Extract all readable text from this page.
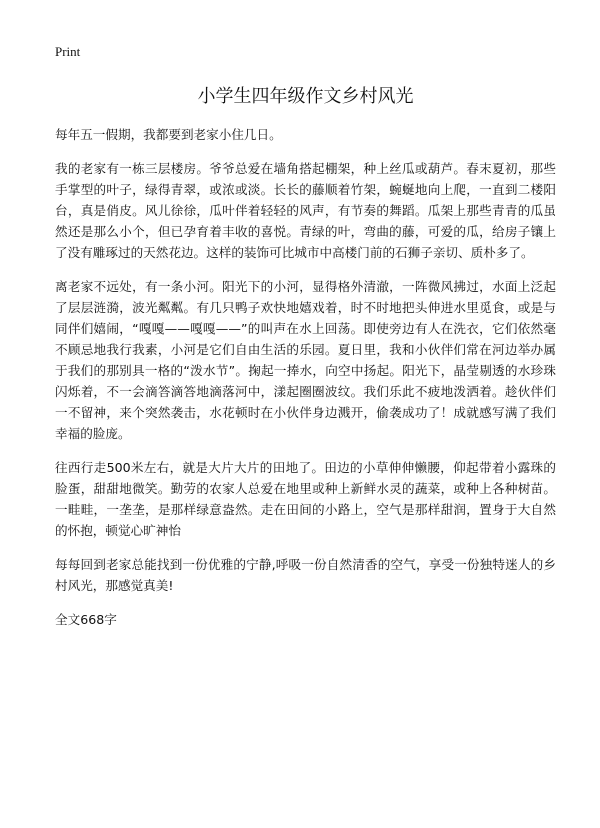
Print
小学生四年级作文乡村风光

每年五一假期，我都要到老家小住几日。

我的老家有一栋三层楼房。爷爷总爱在墙角搭起棚架，种上丝瓜或葫芦。春末夏初，那些手掌型的叶子，绿得青翠，或浓或淡。长长的藤顺着竹架，蜿蜒地向上爬，一直到二楼阳台，真是俏皮。风儿徐徐，瓜叶伴着轻轻的风声，有节奏的舞蹈。瓜架上那些青青的瓜虽然还是那么小个，但已孕育着丰收的喜悦。青绿的叶，弯曲的藤，可爱的瓜，给房子镶上了没有雕琢过的天然花边。这样的装饰可比城市中高楼门前的石狮子亲切、质朴多了。

离老家不远处，有一条小河。阳光下的小河，显得格外清澈，一阵微风拂过，水面上泛起了层层涟漪，波光粼粼。有几只鸭子欢快地嬉戏着，时不时地把头伸进水里觅食，或是与同伴们嬉闹，“嘎嘎——嘎嘎——”的叫声在水上回荡。即使旁边有人在洗衣，它们依然毫不顾忌地我行我素，小河是它们自由生活的乐园。夏日里，我和小伙伴们常在河边举办属于我们的那别具一格的“泼水节”。掬起一捧水，向空中扬起。阳光下，晶莹剔透的水珍珠闪烁着，不一会滴答滴答地滴落河中，漾起圈圈波纹。我们乐此不疲地泼洒着。趁伙伴们一不留神，来个突然袭击，水花顿时在小伙伴身边溅开，偷袭成功了！成就感写满了我们幸福的脸庞。

往西行走500米左右，就是大片大片的田地了。田边的小草伸伸懒腰，仰起带着小露珠的脸蛋，甜甜地微笑。勤劳的农家人总爱在地里或种上新鲜水灵的蔬菜，或种上各种树苗。一畦畦，一垄垄，是那样绿意盎然。走在田间的小路上，空气是那样甜润，置身于大自然的怀抱，顿觉心旷神怡

每每回到老家总能找到一份优雅的宁静,呼吸一份自然清香的空气，享受一份独特迷人的乡村风光，那感觉真美!

全文668字
